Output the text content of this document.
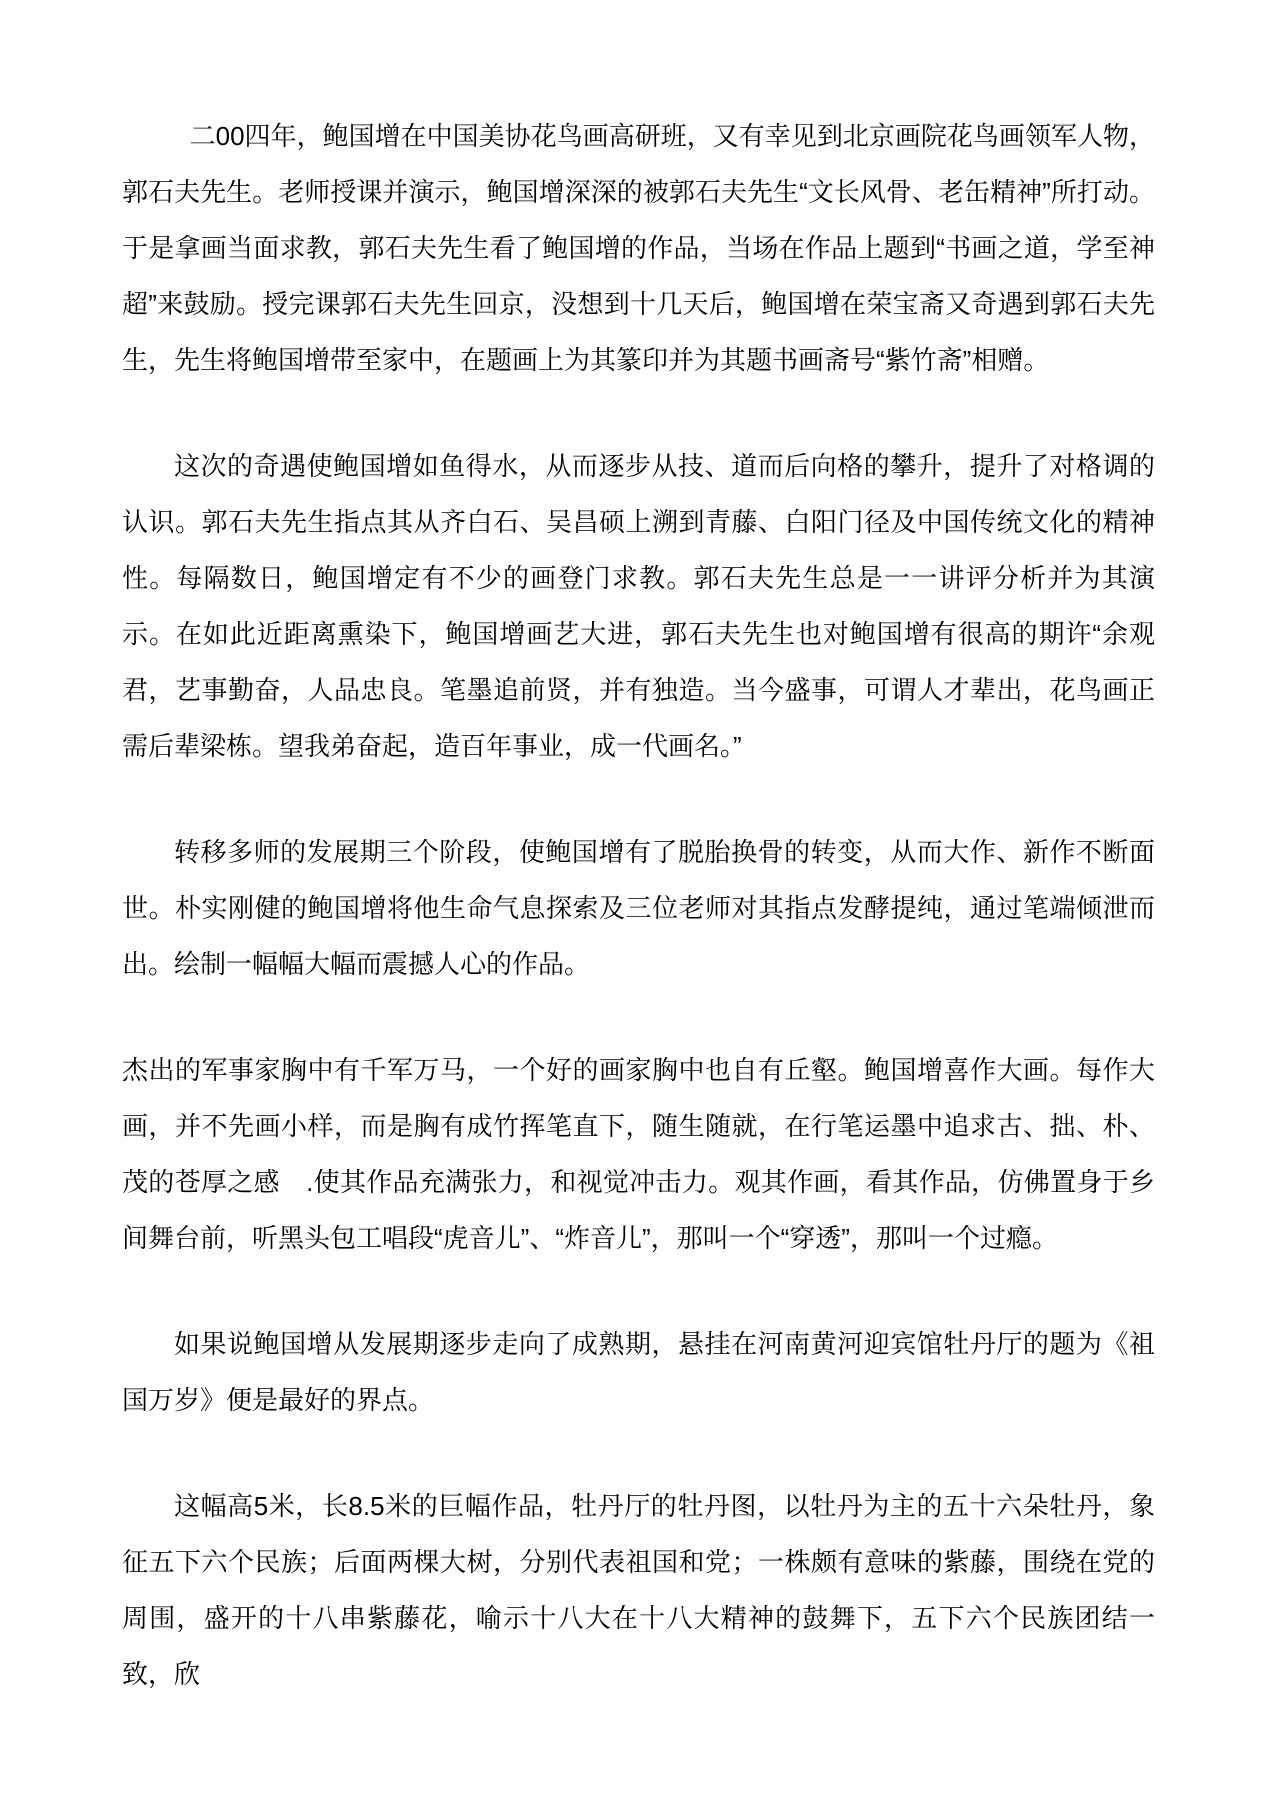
二00四年，鲍国增在中国美协花鸟画高研班，又有幸见到北京画院花鸟画领军人物，郭石夫先生。老师授课并演示，鲍国增深深的被郭石夫先生“文长风骨、老缶精神”所打动。于是拿画当面求教，郭石夫先生看了鲍国增的作品，当场在作品上题到“书画之道，学至神超”来鼓励。授完课郭石夫先生回京，没想到十几天后，鲍国增在荣宝斋又奇遇到郭石夫先生，先生将鲍国增带至家中，在题画上为其篆印并为其题书画斋号“紫竹斋”相赠。

这次的奇遇使鲍国增如鱼得水，从而逐步从技、道而后向格的攀升，提升了对格调的认识。郭石夫先生指点其从齐白石、吴昌硕上溯到青藤、白阳门径及中国传统文化的精神性。每隔数日，鲍国增定有不少的画登门求教。郭石夫先生总是一一讲评分析并为其演示。在如此近距离熏染下，鲍国增画艺大进，郭石夫先生也对鲍国增有很高的期许“余观君，艺事勤奋，人品忠良。笔墨追前贤，并有独造。当今盛事，可谓人才辈出，花鸟画正需后辈梁栋。望我弟奋起，造百年事业，成一代画名。”

转移多师的发展期三个阶段，使鲍国增有了脱胎换骨的转变，从而大作、新作不断面世。朴实刚健的鲍国增将他生命气息探索及三位老师对其指点发酵提纯，通过笔端倾泄而出。绘制一幅幅大幅而震撼人心的作品。

杰出的军事家胸中有千军万马，一个好的画家胸中也自有丘壑。鲍国增喜作大画。每作大画，并不先画小样，而是胸有成竹挥笔直下，随生随就，在行笔运墨中追求古、拙、朴、茂的苍厚之感　.使其作品充满张力，和视觉冲击力。观其作画，看其作品，仿佛置身于乡间舞台前，听黑头包工唱段“虎音儿”、“炸音儿”，那叫一个“穿透”，那叫一个过瘾。

如果说鲍国增从发展期逐步走向了成熟期，悬挂在河南黄河迎宾馆牡丹厅的题为《祖国万岁》便是最好的界点。

这幅高5米，长8.5米的巨幅作品，牡丹厅的牡丹图，以牡丹为主的五十六朵牡丹，象征五下六个民族；后面两棵大树，分别代表祖国和党；一株颇有意味的紫藤，围绕在党的周围，盛开的十八串紫藤花，喻示十八大在十八大精神的鼓舞下，五下六个民族团结一致，欣
